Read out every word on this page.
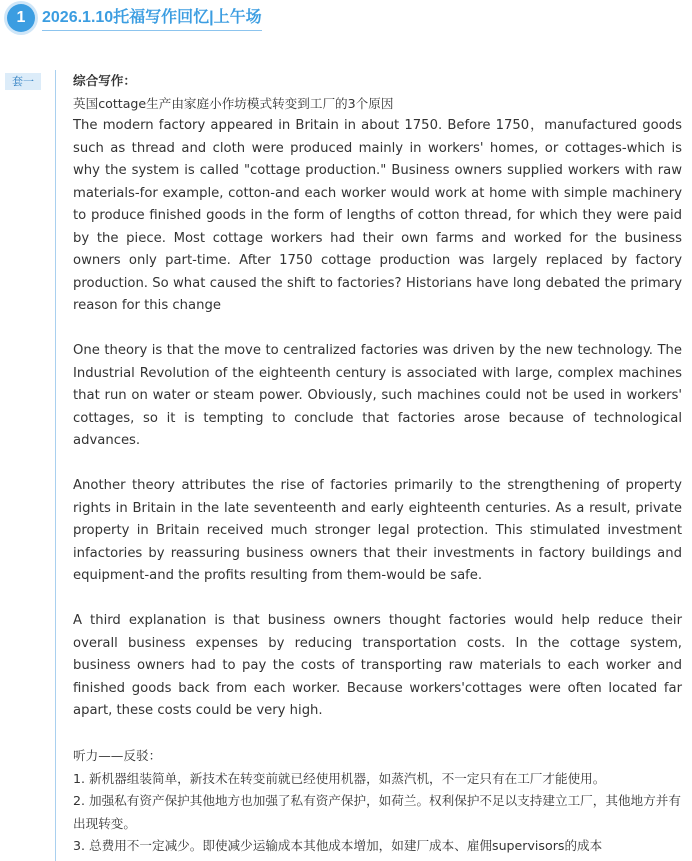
1	2026.1.10托福写作回忆|上午场
套一	综合写作：
英国cottage生产由家庭小作坊模式转变到工厂的3个原因

The modern factory appeared in Britain in about 1750. Before 1750，manufactured goods such as thread and cloth were produced mainly in workers' homes, or cottages-which is why the system is called "cottage production." Business owners supplied workers with raw materials-for example, cotton-and each worker would work at home with simple machinery to produce finished goods in the form of lengths of cotton thread, for which they were paid by the piece. Most cottage workers had their own farms and worked for the business owners only part-time. After 1750 cottage production was largely replaced by factory production. So what caused the shift to factories? Historians have long debated the primary reason for this change

One theory is that the move to centralized factories was driven by the new technology. The Industrial Revolution of the eighteenth century is associated with large, complex machines that run on water or steam power. Obviously, such machines could not be used in workers' cottages, so it is tempting to conclude that factories arose because of technological advances.

Another theory attributes the rise of factories primarily to the strengthening of property rights in Britain in the late seventeenth and early eighteenth centuries. As a result, private property in Britain received much stronger legal protection. This stimulated investment infactories by reassuring business owners that their investments in factory buildings and equipment-and the profits resulting from them-would be safe.

A third explanation is that business owners thought factories would help reduce their overall business expenses by reducing transportation costs. In the cottage system, business owners had to pay the costs of transporting raw materials to each worker and finished goods back from each worker. Because workers'cottages were often located far apart, these costs could be very high.

听力——反驳：
1. 新机器组装简单，新技术在转变前就已经使用机器，如蒸汽机，不一定只有在工厂才能使用。
2. 加强私有资产保护其他地方也加强了私有资产保护，如荷兰。权利保护不足以支持建立工厂，其他地方并有出现转变。
3. 总费用不一定减少。即使减少运输成本其他成本增加，如建厂成本、雇佣supervisors的成本
